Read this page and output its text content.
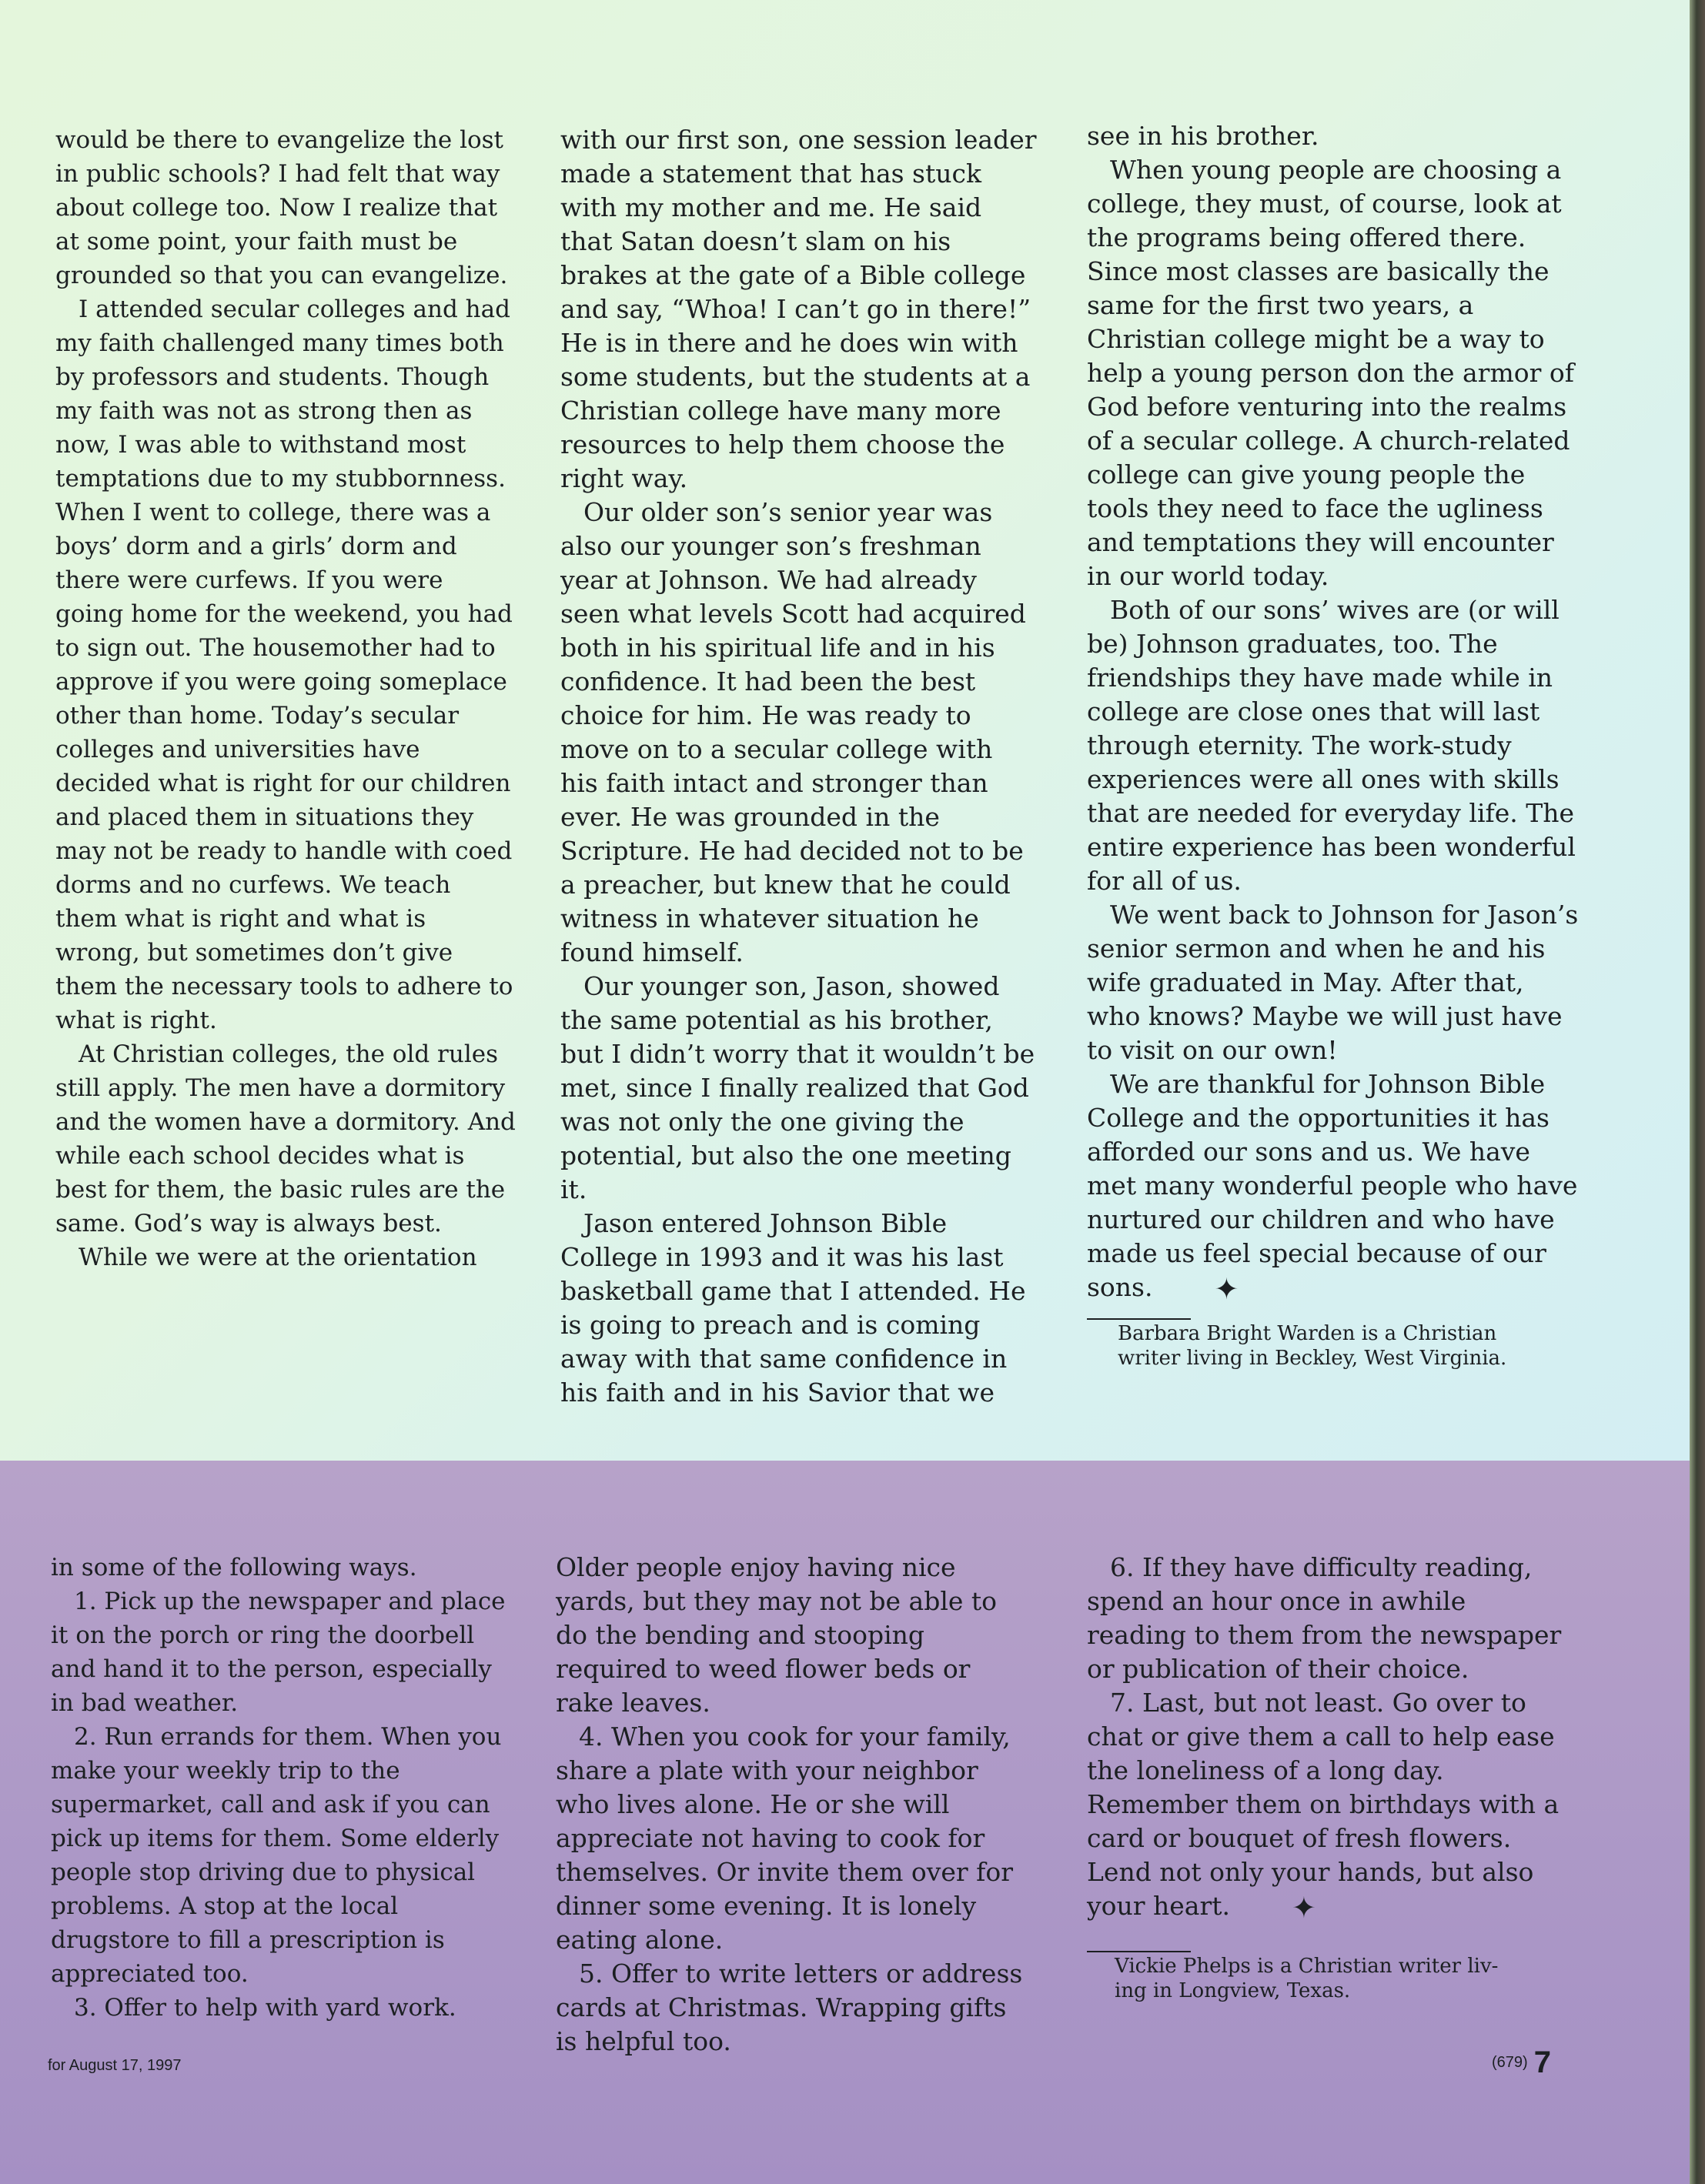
would be there to evangelize the lost in public schools? I had felt that way about college too. Now I realize that at some point, your faith must be grounded so that you can evangelize.

I attended secular colleges and had my faith challenged many times both by professors and students. Though my faith was not as strong then as now, I was able to withstand most temptations due to my stubbornness. When I went to college, there was a boys’ dorm and a girls’ dorm and there were curfews. If you were going home for the weekend, you had to sign out. The housemother had to approve if you were going someplace other than home. Today’s secular colleges and universities have decided what is right for our children and placed them in situations they may not be ready to handle with coed dorms and no curfews. We teach them what is right and what is wrong, but sometimes don’t give them the necessary tools to adhere to what is right.

At Christian colleges, the old rules still apply. The men have a dormitory and the women have a dormitory. And while each school decides what is best for them, the basic rules are the same. God’s way is always best.

While we were at the orientation

with our first son, one session leader made a statement that has stuck with my mother and me. He said that Satan doesn’t slam on his brakes at the gate of a Bible college and say, “Whoa! I can’t go in there!” He is in there and he does win with some students, but the students at a Christian college have many more resources to help them choose the right way.

Our older son’s senior year was also our younger son’s freshman year at Johnson. We had already seen what levels Scott had acquired both in his spiritual life and in his confidence. It had been the best choice for him. He was ready to move on to a secular college with his faith intact and stronger than ever. He was grounded in the Scripture. He had decided not to be a preacher, but knew that he could witness in whatever situation he found himself.

Our younger son, Jason, showed the same potential as his brother, but I didn’t worry that it wouldn’t be met, since I finally realized that God was not only the one giving the potential, but also the one meeting it.

Jason entered Johnson Bible College in 1993 and it was his last basketball game that I attended. He is going to preach and is coming away with that same confidence in his faith and in his Savior that we

see in his brother.

When young people are choosing a college, they must, of course, look at the programs being offered there. Since most classes are basically the same for the first two years, a Christian college might be a way to help a young person don the armor of God before venturing into the realms of a secular college. A church-related college can give young people the tools they need to face the ugliness and temptations they will encounter in our world today.

Both of our sons’ wives are (or will be) Johnson graduates, too. The friendships they have made while in college are close ones that will last through eternity. The work-study experiences were all ones with skills that are needed for everyday life. The entire experience has been wonderful for all of us.

We went back to Johnson for Jason’s senior sermon and when he and his wife graduated in May. After that, who knows? Maybe we will just have to visit on our own!

We are thankful for Johnson Bible College and the opportunities it has afforded our sons and us. We have met many wonderful people who have nurtured our children and who have made us feel special because of our sons. ✦

Barbara Bright Warden is a Christian
writer living in Beckley, West Virginia.

in some of the following ways.

1. Pick up the newspaper and place it on the porch or ring the doorbell and hand it to the person, especially in bad weather.

2. Run errands for them. When you make your weekly trip to the supermarket, call and ask if you can pick up items for them. Some elderly people stop driving due to physical problems. A stop at the local drugstore to fill a prescription is appreciated too.

3. Offer to help with yard work.

Older people enjoy having nice yards, but they may not be able to do the bending and stooping required to weed flower beds or rake leaves.

4. When you cook for your family, share a plate with your neighbor who lives alone. He or she will appreciate not having to cook for themselves. Or invite them over for dinner some evening. It is lonely eating alone.

5. Offer to write letters or address cards at Christmas. Wrapping gifts is helpful too.

6. If they have difficulty reading, spend an hour once in awhile reading to them from the newspaper or publication of their choice.

7. Last, but not least. Go over to chat or give them a call to help ease the loneliness of a long day. Remember them on birthdays with a card or bouquet of fresh flowers. Lend not only your hands, but also your heart. ✦

Vickie Phelps is a Christian writer liv-
ing in Longview, Texas.
for August 17, 1997	(679) 7
